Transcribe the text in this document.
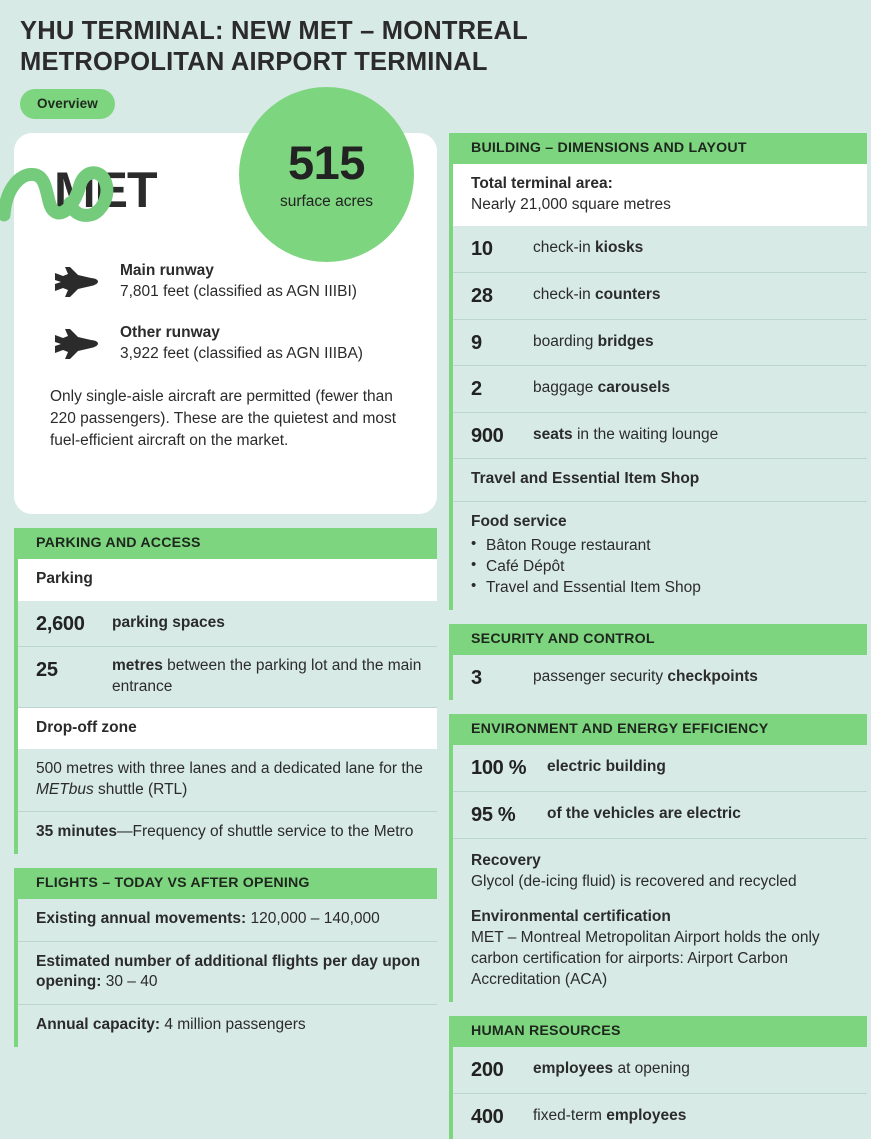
YHU TERMINAL: NEW MET – MONTREAL METROPOLITAN AIRPORT TERMINAL
Overview
515
surface acres
MET
Main runway
7,801 feet (classified as AGN IIIBI)
Other runway
3,922 feet (classified as AGN IIIBA)
Only single-aisle aircraft are permitted (fewer than 220 passengers). These are the quietest and most fuel-efficient aircraft on the market.
PARKING AND ACCESS
Parking
2,600	parking spaces
25	metres between the parking lot and the main entrance
Drop-off zone
500 metres with three lanes and a dedicated lane for the METbus shuttle (RTL)
35 minutes—Frequency of shuttle service to the Metro
FLIGHTS – TODAY VS AFTER OPENING
Existing annual movements: 120,000 – 140,000
Estimated number of additional flights per day upon opening: 30 – 40
Annual capacity: 4 million passengers
BUILDING – DIMENSIONS AND LAYOUT
Total terminal area:
Nearly 21,000 square metres
10	check-in kiosks
28	check-in counters
9	boarding bridges
2	baggage carousels
900	seats in the waiting lounge
Travel and Essential Item Shop
Food service
• Bâton Rouge restaurant
• Café Dépôt
• Travel and Essential Item Shop
SECURITY AND CONTROL
3	passenger security checkpoints
ENVIRONMENT AND ENERGY EFFICIENCY
100 %	electric building
95 %	of the vehicles are electric
Recovery
Glycol (de-icing fluid) is recovered and recycled
Environmental certification
MET – Montreal Metropolitan Airport holds the only carbon certification for airports: Airport Carbon Accreditation (ACA)
HUMAN RESOURCES
200	employees at opening
400	fixed-term employees
